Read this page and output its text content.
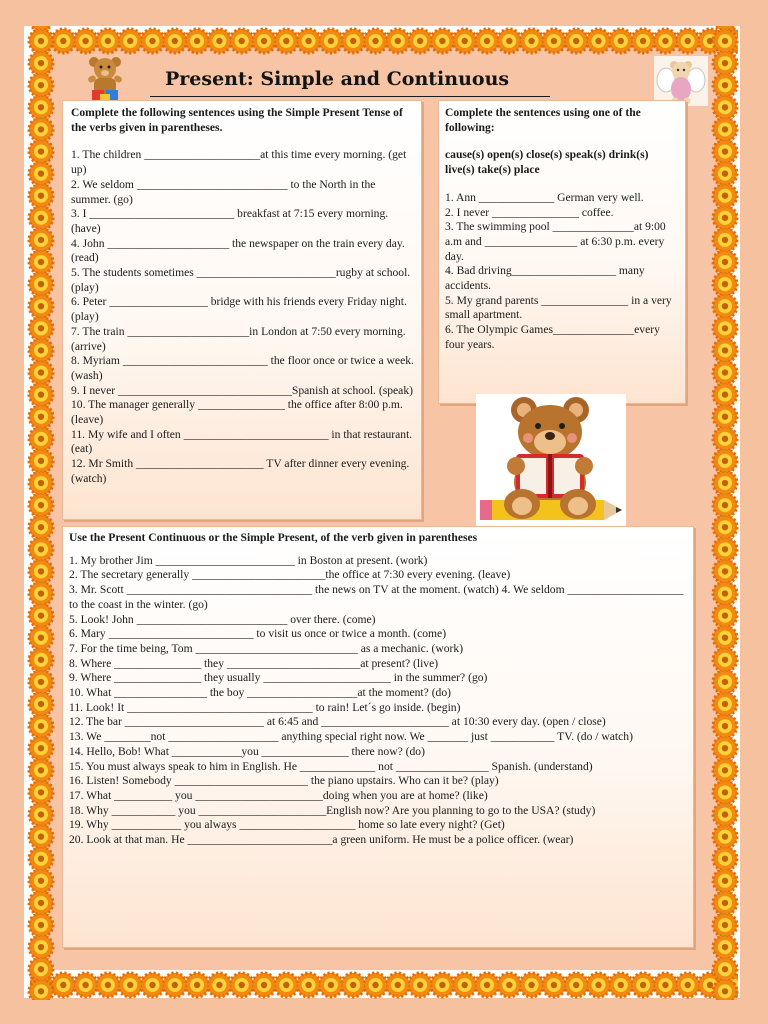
Present: Simple and Continuous

Complete the following sentences using the Simple Present Tense of the verbs given in parentheses.

1. The children ____________________at this time every morning. (get up)

2. We seldom __________________________ to the North in the summer. (go)

3. I _________________________ breakfast at 7:15 every morning. (have)

4. John _____________________ the newspaper on the train every day. (read)

5. The students sometimes ________________________rugby at school. (play)

6. Peter _________________ bridge with his friends every Friday night. (play)

7. The train _____________________in London at 7:50 every morning. (arrive)

8. Myriam _________________________ the floor once or twice a week. (wash)

9. I never ______________________________Spanish at school. (speak)

10. The manager generally _______________ the office after 8:00 p.m. (leave)

11. My wife and I often _________________________ in that restaurant. (eat)

12. Mr Smith ______________________ TV after dinner every evening. (watch)

Complete the sentences using one of the following:

cause(s) open(s) close(s) speak(s) drink(s) live(s) take(s) place

1. Ann _____________ German very well.

2. I never _______________ coffee.

3. The swimming pool ______________at 9:00 a.m and ________________ at 6:30 p.m. every day.

4. Bad driving__________________ many accidents.

5. My grand parents _______________ in a very small apartment.

6. The Olympic Games______________every four years.

Use the Present Continuous or the Simple Present, of the verb given in parentheses

1. My brother Jim ________________________ in Boston at present. (work)

2. The secretary generally _______________________the office at 7:30 every evening. (leave)

3. Mr. Scott ________________________________ the news on TV at the moment. (watch) 4. We seldom ____________________ to the coast in the winter. (go)

5. Look! John __________________________ over there. (come)

6. Mary _________________________ to visit us once or twice a month. (come)

7. For the time being, Tom ____________________________ as a mechanic. (work)

8. Where _______________ they _______________________at present? (live)

9. Where _______________ they usually ______________________ in the summer? (go)

10. What ________________ the boy ___________________at the moment? (do)

11. Look! It ________________________________ to rain! Let´s go inside. (begin)

12. The bar ________________________ at 6:45 and ______________________ at 10:30 every day. (open / close)

13. We ________not ___________________ anything special right now. We _______ just ___________ TV. (do / watch)

14. Hello, Bob! What ____________you _______________ there now? (do)

15. You must always speak to him in English. He _____________ not ________________ Spanish. (understand)

16. Listen! Somebody _______________________ the piano upstairs. Who can it be? (play)

17. What __________ you ______________________doing when you are at home? (like)

18. Why ___________ you ______________________English now? Are you planning to go to the USA? (study)

19. Why ____________ you always ____________________ home so late every night? (Get)

20. Look at that man. He _________________________a green uniform. He must be a police officer. (wear)
